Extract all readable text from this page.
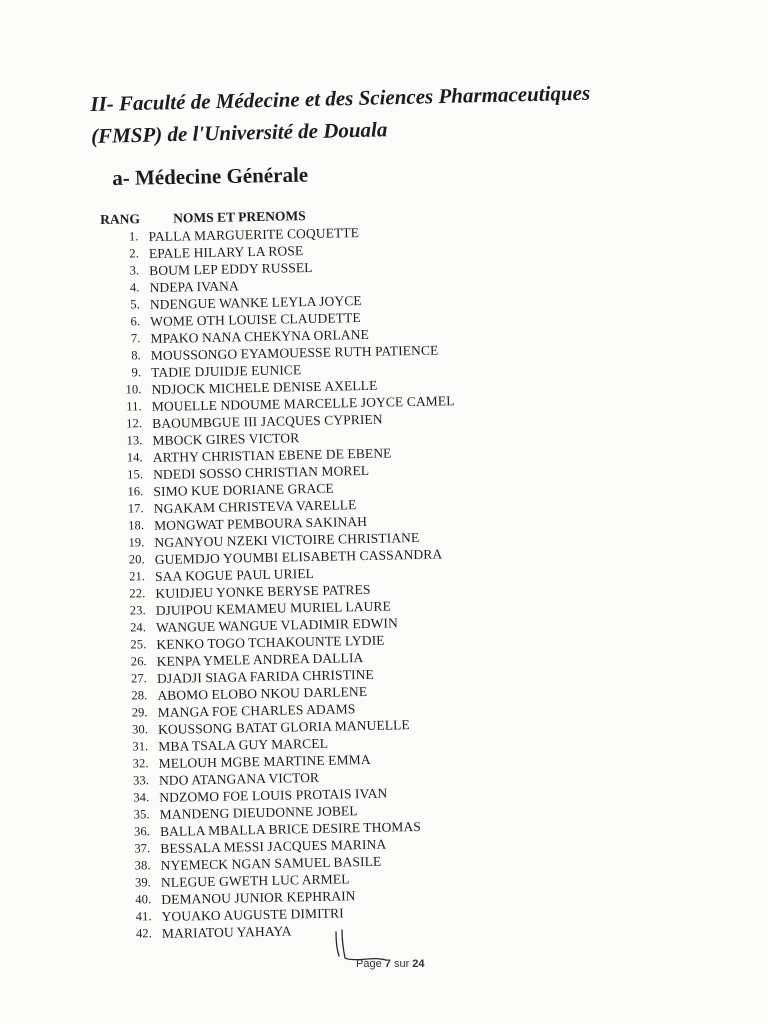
II- Faculté de Médecine et des Sciences Pharmaceutiques
(FMSP) de l'Université de Douala
a- Médecine Générale
RANG	NOMS ET PRENOMS
1. PALLA MARGUERITE COQUETTE
2. EPALE HILARY LA ROSE
3. BOUM LEP EDDY RUSSEL
4. NDEPA IVANA
5. NDENGUE WANKE LEYLA JOYCE
6. WOME OTH LOUISE CLAUDETTE
7. MPAKO NANA CHEKYNA ORLANE
8. MOUSSONGO EYAMOUESSE RUTH PATIENCE
9. TADIE DJUIDJE EUNICE
10. NDJOCK MICHELE DENISE AXELLE
11. MOUELLE NDOUME MARCELLE JOYCE CAMEL
12. BAOUMBGUE III JACQUES CYPRIEN
13. MBOCK GIRES VICTOR
14. ARTHY CHRISTIAN EBENE DE EBENE
15. NDEDI SOSSO CHRISTIAN MOREL
16. SIMO KUE DORIANE GRACE
17. NGAKAM CHRISTEVA VARELLE
18. MONGWAT PEMBOURA SAKINAH
19. NGANYOU NZEKI VICTOIRE CHRISTIANE
20. GUEMDJO YOUMBI ELISABETH CASSANDRA
21. SAA KOGUE PAUL URIEL
22. KUIDJEU YONKE BERYSE PATRES
23. DJUIPOU KEMAMEU MURIEL LAURE
24. WANGUE WANGUE VLADIMIR EDWIN
25. KENKO TOGO TCHAKOUNTE LYDIE
26. KENPA YMELE ANDREA DALLIA
27. DJADJI SIAGA FARIDA CHRISTINE
28. ABOMO ELOBO NKOU DARLENE
29. MANGA FOE CHARLES ADAMS
30. KOUSSONG BATAT GLORIA MANUELLE
31. MBA TSALA GUY MARCEL
32. MELOUH MGBE MARTINE EMMA
33. NDO ATANGANA VICTOR
34. NDZOMO FOE LOUIS PROTAIS IVAN
35. MANDENG DIEUDONNE JOBEL
36. BALLA MBALLA BRICE DESIRE THOMAS
37. BESSALA MESSI JACQUES MARINA
38. NYEMECK NGAN SAMUEL BASILE
39. NLEGUE GWETH LUC ARMEL
40. DEMANOU JUNIOR KEPHRAIN
41. YOUAKO AUGUSTE DIMITRI
42. MARIATOU YAHAYA
Page 7 sur 24
